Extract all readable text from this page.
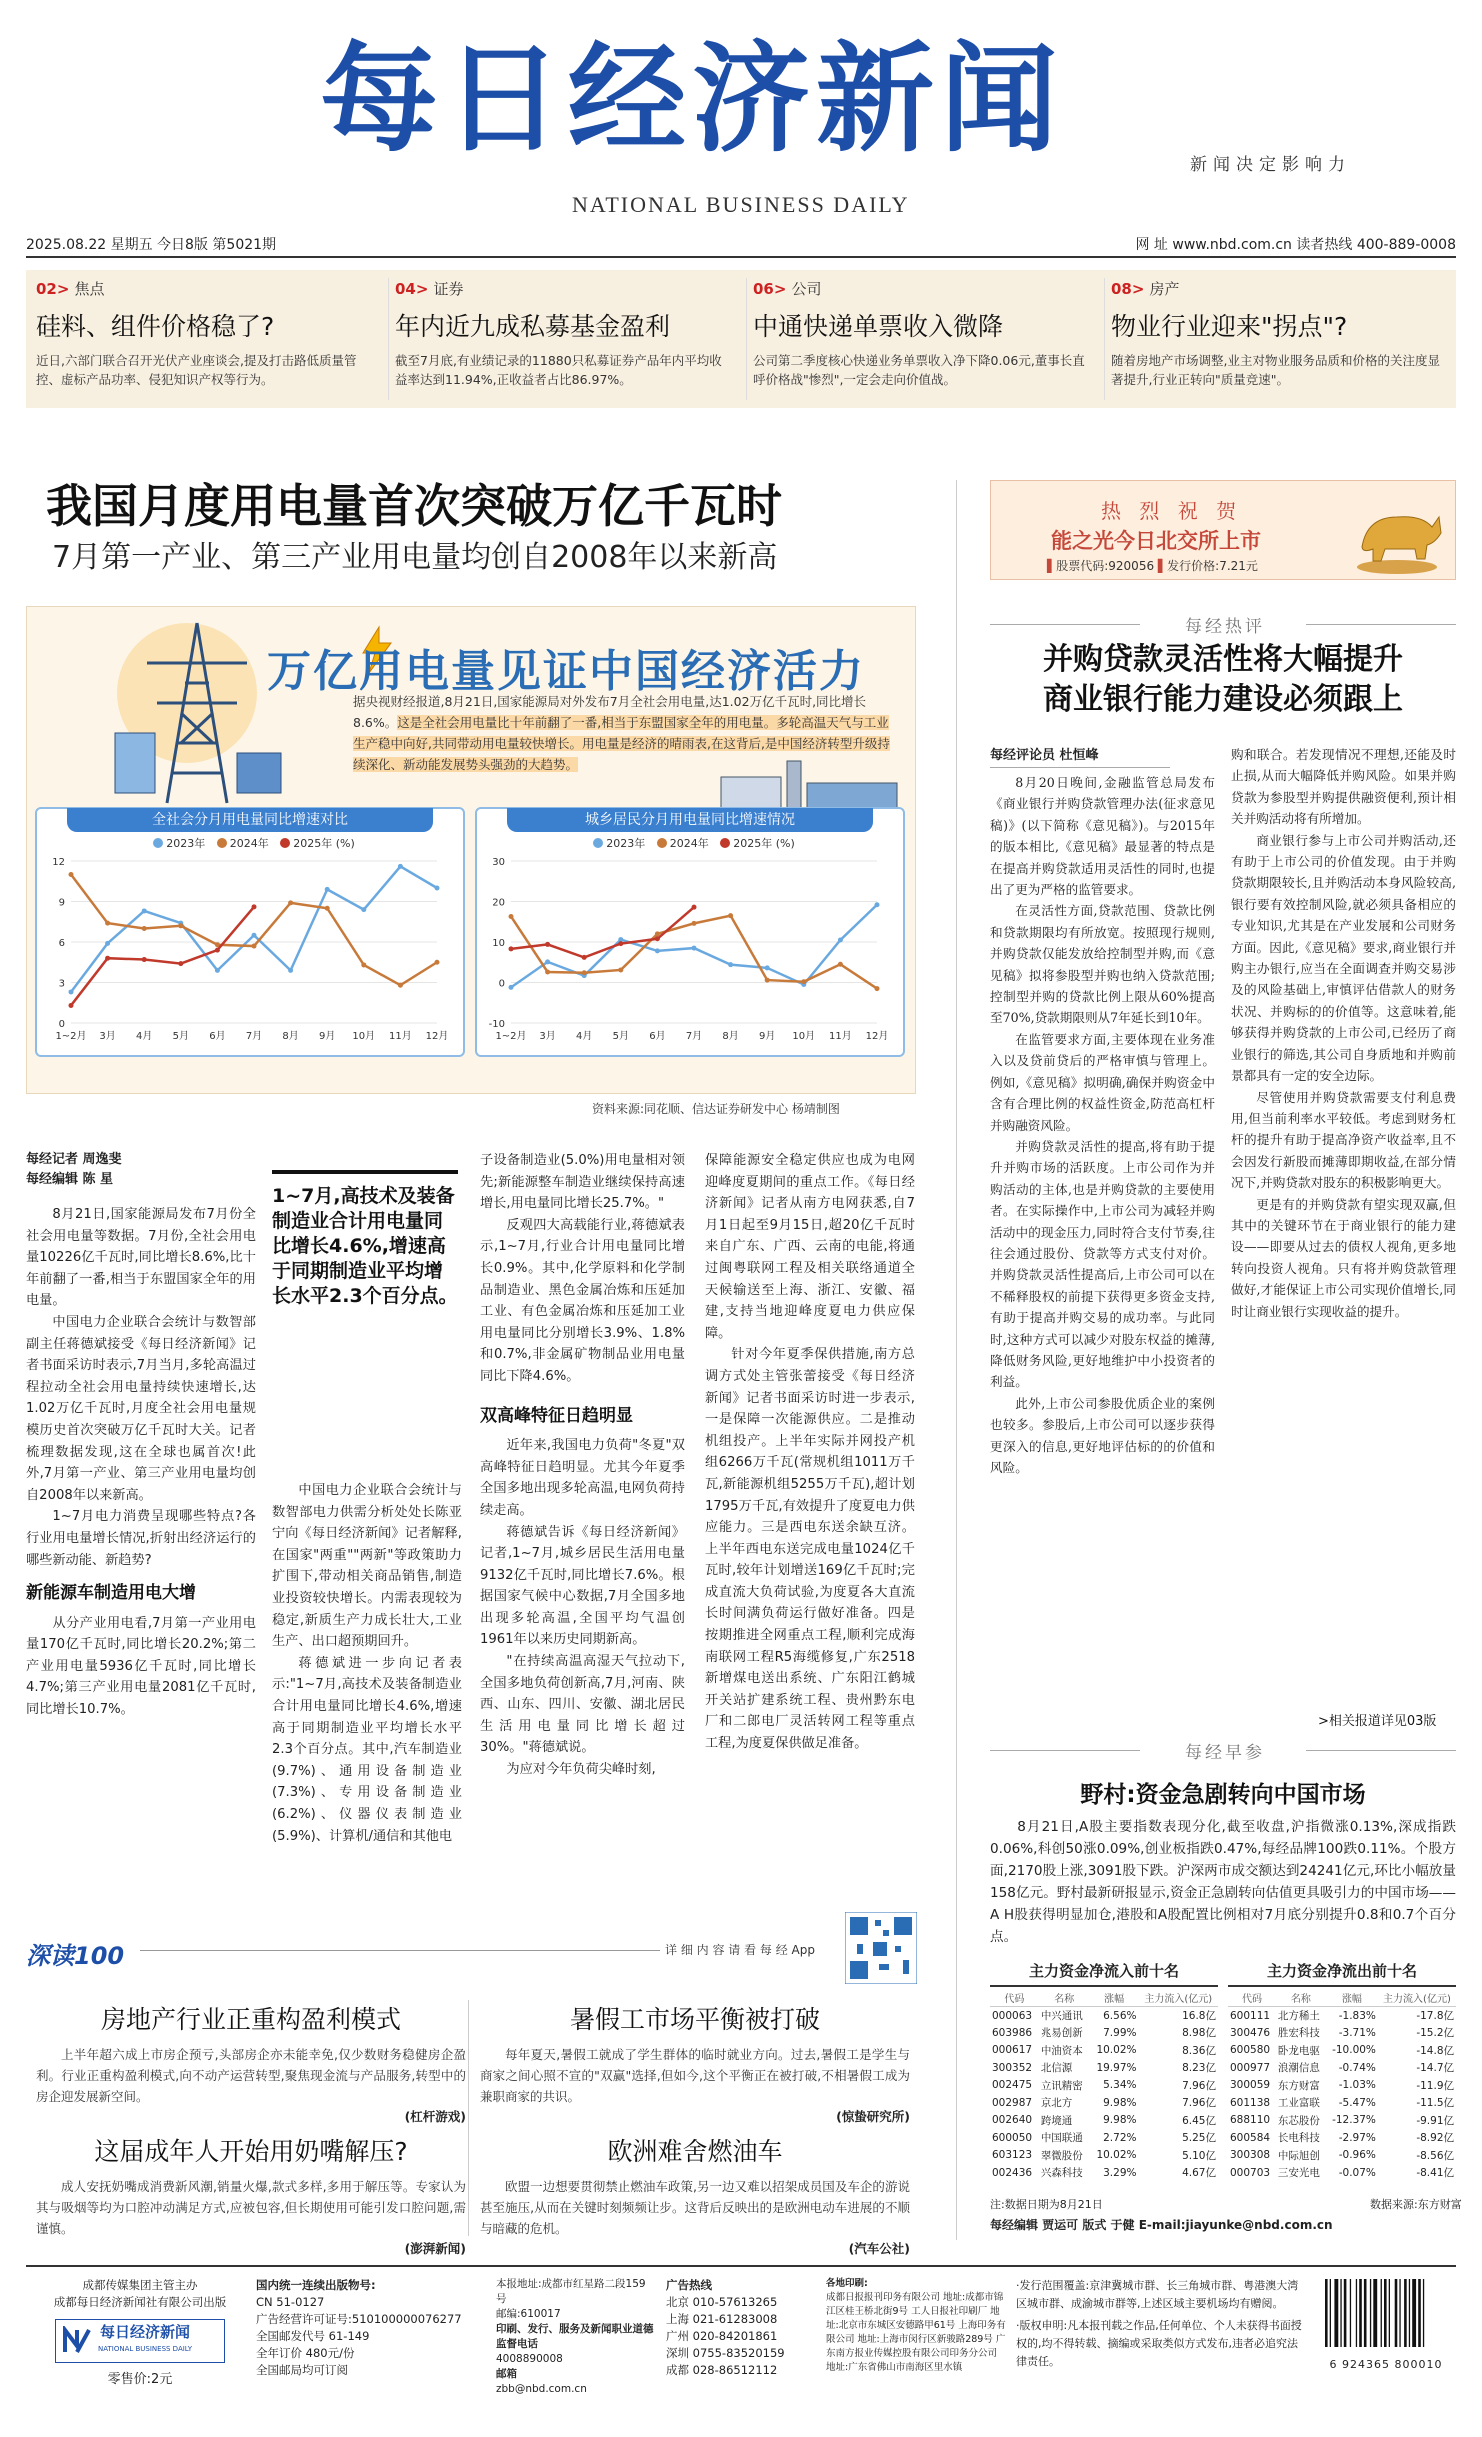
每日经济新闻
NATIONAL BUSINESS DAILY
新闻决定影响力
2025.08.22 星期五 今日8版 第5021期	网 址 www.nbd.com.cn 读者热线 400-889-0008
02> 焦点
硅料、组件价格稳了?

近日,六部门联合召开光伏产业座谈会,提及打击路低质量管控、虚标产品功率、侵犯知识产权等行为。

04> 证券
年内近九成私募基金盈利

截至7月底,有业绩记录的11880只私募证券产品年内平均收益率达到11.94%,正收益者占比86.97%。

06> 公司
中通快递单票收入微降

公司第二季度核心快递业务单票收入净下降0.06元,董事长直呼价格战"惨烈",一定会走向价值战。

08> 房产
物业行业迎来"拐点"?

随着房地产市场调整,业主对物业服务品质和价格的关注度显著提升,行业正转向"质量竞速"。

我国月度用电量首次突破万亿千瓦时
7月第一产业、第三产业用电量均创自2008年以来新高
万亿用电量见证中国经济活力
据央视财经报道,8月21日,国家能源局对外发布7月全社会用电量,达1.02万亿千瓦时,同比增长8.6%。这是全社会用电量比十年前翻了一番,相当于东盟国家全年的用电量。多轮高温天气与工业生产稳中向好,共同带动用电量较快增长。用电量是经济的晴雨表,在这背后,是中国经济转型升级持续深化、新动能发展势头强劲的大趋势。
全社会分月用电量同比增速对比
2023年 2024年 2025年 (%)
0
3
6
9
12
1~2月 3月 4月 5月 6月 7月 8月 9月 10月 11月 12月
城乡居民分月用电量同比增速情况
2023年 2024年 2025年 (%)
-10
0
10
20
30
1~2月 3月 4月 5月 6月 7月 8月 9月 10月 11月 12月
资料来源:同花顺、信达证券研发中心 杨靖制图
每经记者 周逸斐
每经编辑 陈 星

8月21日,国家能源局发布7月份全社会用电量等数据。7月份,全社会用电量10226亿千瓦时,同比增长8.6%,比十年前翻了一番,相当于东盟国家全年的用电量。

中国电力企业联合会统计与数智部副主任蒋德斌接受《每日经济新闻》记者书面采访时表示,7月当月,多轮高温过程拉动全社会用电量持续快速增长,达1.02万亿千瓦时,月度全社会用电量规模历史首次突破万亿千瓦时大关。记者梳理数据发现,这在全球也属首次!此外,7月第一产业、第三产业用电量均创自2008年以来新高。

1~7月电力消费呈现哪些特点?各行业用电量增长情况,折射出经济运行的哪些新动能、新趋势?

新能源车制造用电大增

从分产业用电看,7月第一产业用电量170亿千瓦时,同比增长20.2%;第二产业用电量5936亿千瓦时,同比增长4.7%;第三产业用电量2081亿千瓦时,同比增长10.7%。

1~7月,高技术及装备制造业合计用电量同比增长4.6%,增速高于同期制造业平均增长水平2.3个百分点。

中国电力企业联合会统计与数智部电力供需分析处处长陈亚宁向《每日经济新闻》记者解释,在国家"两重""两新"等政策助力扩围下,带动相关商品销售,制造业投资较快增长。内需表现较为稳定,新质生产力成长壮大,工业生产、出口超预期回升。

蒋德斌进一步向记者表示:"1~7月,高技术及装备制造业合计用电量同比增长4.6%,增速高于同期制造业平均增长水平2.3个百分点。其中,汽车制造业(9.7%)、通用设备制造业(7.3%)、专用设备制造业(6.2%)、仪器仪表制造业(5.9%)、计算机/通信和其他电

子设备制造业(5.0%)用电量相对领先;新能源整车制造业继续保持高速增长,用电量同比增长25.7%。"

反观四大高载能行业,蒋德斌表示,1~7月,行业合计用电量同比增长0.9%。其中,化学原料和化学制品制造业、黑色金属冶炼和压延加工业、有色金属冶炼和压延加工业用电量同比分别增长3.9%、1.8%和0.7%,非金属矿物制品业用电量同比下降4.6%。

双高峰特征日趋明显

近年来,我国电力负荷"冬夏"双高峰特征日趋明显。尤其今年夏季全国多地出现多轮高温,电网负荷持续走高。

蒋德斌告诉《每日经济新闻》记者,1~7月,城乡居民生活用电量9132亿千瓦时,同比增长7.6%。根据国家气候中心数据,7月全国多地出现多轮高温,全国平均气温创1961年以来历史同期新高。

"在持续高温高湿天气拉动下,全国多地负荷创新高,7月,河南、陕西、山东、四川、安徽、湖北居民生活用电量同比增长超过30%。"蒋德斌说。

为应对今年负荷尖峰时刻,

保障能源安全稳定供应也成为电网迎峰度夏期间的重点工作。《每日经济新闻》记者从南方电网获悉,自7月1日起至9月15日,超20亿千瓦时来自广东、广西、云南的电能,将通过闽粤联网工程及相关联络通道全天候输送至上海、浙江、安徽、福建,支持当地迎峰度夏电力供应保障。

针对今年夏季保供措施,南方总调方式处主管张蕾接受《每日经济新闻》记者书面采访时进一步表示,一是保障一次能源供应。二是推动机组投产。上半年实际并网投产机组6266万千瓦(常规机组1011万千瓦,新能源机组5255万千瓦),超计划1795万千瓦,有效提升了度夏电力供应能力。三是西电东送余缺互济。上半年西电东送完成电量1024亿千瓦时,较年计划增送169亿千瓦时;完成直流大负荷试验,为度夏各大直流长时间满负荷运行做好准备。四是按期推进全网重点工程,顺利完成海南联网工程R5海缆修复,广东2518新增煤电送出系统、广东阳江鹤城开关站扩建系统工程、贵州黔东电厂和二郎电厂灵活转网工程等重点工程,为度夏保供做足准备。

热 烈 祝 贺
能之光今日北交所上市
▌股票代码:920056 ▌发行价格:7.21元
每经热评
并购贷款灵活性将大幅提升
商业银行能力建设必须跟上
每经评论员 杜恒峰

8月20日晚间,金融监管总局发布《商业银行并购贷款管理办法(征求意见稿)》(以下简称《意见稿》)。与2015年的版本相比,《意见稿》最显著的特点是在提高并购贷款适用灵活性的同时,也提出了更为严格的监管要求。

在灵活性方面,贷款范围、贷款比例和贷款期限均有所放宽。按照现行规则,并购贷款仅能发放给控制型并购,而《意见稿》拟将参股型并购也纳入贷款范围;控制型并购的贷款比例上限从60%提高至70%,贷款期限则从7年延长到10年。

在监管要求方面,主要体现在业务准入以及贷前贷后的严格审慎与管理上。例如,《意见稿》拟明确,确保并购资金中含有合理比例的权益性资金,防范高杠杆并购融资风险。

并购贷款灵活性的提高,将有助于提升并购市场的活跃度。上市公司作为并购活动的主体,也是并购贷款的主要使用者。在实际操作中,上市公司为减轻并购活动中的现金压力,同时符合支付节奏,往往会通过股份、贷款等方式支付对价。并购贷款灵活性提高后,上市公司可以在不稀释股权的前提下获得更多资金支持,有助于提高并购交易的成功率。与此同时,这种方式可以减少对股东权益的摊薄,降低财务风险,更好地维护中小投资者的利益。

此外,上市公司参股优质企业的案例也较多。参股后,上市公司可以逐步获得更深入的信息,更好地评估标的的价值和风险。

购和联合。若发现情况不理想,还能及时止损,从而大幅降低并购风险。如果并购贷款为参股型并购提供融资便利,预计相关并购活动将有所增加。

商业银行参与上市公司并购活动,还有助于上市公司的价值发现。由于并购贷款期限较长,且并购活动本身风险较高,银行要有效控制风险,就必须具备相应的专业知识,尤其是在产业发展和公司财务方面。因此,《意见稿》要求,商业银行并购主办银行,应当在全面调查并购交易涉及的风险基础上,审慎评估借款人的财务状况、并购标的的价值等。这意味着,能够获得并购贷款的上市公司,已经历了商业银行的筛选,其公司自身质地和并购前景都具有一定的安全边际。

尽管使用并购贷款需要支付利息费用,但当前利率水平较低。考虑到财务杠杆的提升有助于提高净资产收益率,且不会因发行新股而摊薄即期收益,在部分情况下,并购贷款对股东的积极影响更大。

更是有的并购贷款有望实现双赢,但其中的关键环节在于商业银行的能力建设——即要从过去的债权人视角,更多地转向投资人视角。只有将并购贷款管理做好,才能保证上市公司实现价值增长,同时让商业银行实现收益的提升。

>相关报道详见03版
每经早参
野村:资金急剧转向中国市场
8月21日,A股主要指数表现分化,截至收盘,沪指微涨0.13%,深成指跌0.06%,科创50涨0.09%,创业板指跌0.47%,每经品牌100跌0.11%。个股方面,2170股上涨,3091股下跌。沪深两市成交额达到24241亿元,环比小幅放量158亿元。野村最新研报显示,资金正急剧转向估值更具吸引力的中国市场——A H股获得明显加仓,港股和A股配置比例相对7月底分别提升0.8和0.7个百分点。
主力资金净流入前十名
代码	名称	涨幅	主力流入(亿元)
000063	中兴通讯	6.56%	16.8亿
603986	兆易创新	7.99%	8.98亿
000617	中油资本	10.02%	8.36亿
300352	北信源	19.97%	8.23亿
002475	立讯精密	5.34%	7.96亿
002987	京北方	9.98%	7.96亿
002640	跨境通	9.98%	6.45亿
600050	中国联通	2.72%	5.25亿
603123	翠微股份	10.02%	5.10亿
002436	兴森科技	3.29%	4.67亿
主力资金净流出前十名
代码	名称	涨幅	主力流入(亿元)
600111	北方稀土	-1.83%	-17.8亿
300476	胜宏科技	-3.71%	-15.2亿
600580	卧龙电驱	-10.00%	-14.8亿
000977	浪潮信息	-0.74%	-14.7亿
300059	东方财富	-1.03%	-11.9亿
601138	工业富联	-5.47%	-11.5亿
688110	东芯股份	-12.37%	-9.91亿
600584	长电科技	-2.97%	-8.92亿
300308	中际旭创	-0.96%	-8.56亿
000703	三安光电	-0.07%	-8.41亿
注:数据日期为8月21日	数据来源:东方财富
每经编辑 贾运可 版式 于健 E-mail:jiayunke@nbd.com.cn
深读100	详 细 内 容 请 看 每 经 App
房地产行业正重构盈利模式

上半年超六成上市房企预亏,头部房企亦未能幸免,仅少数财务稳健房企盈利。行业正重构盈利模式,向不动产运营转型,聚焦现金流与产品服务,转型中的房企迎发展新空间。

(杠杆游戏)
暑假工市场平衡被打破

每年夏天,暑假工就成了学生群体的临时就业方向。过去,暑假工是学生与商家之间心照不宣的"双赢"选择,但如今,这个平衡正在被打破,不相暑假工成为兼职商家的共识。

(惊蛰研究所)
这届成年人开始用奶嘴解压?

成人安抚奶嘴成消费新风潮,销量火爆,款式多样,多用于解压等。专家认为其与吸烟等均为口腔冲动满足方式,应被包容,但长期使用可能引发口腔问题,需谨慎。

(澎湃新闻)
欧洲难舍燃油车

欧盟一边想要贯彻禁止燃油车政策,另一边又难以招架成员国及车企的游说甚至施压,从而在关键时刻频频让步。这背后反映出的是欧洲电动车进展的不顺与暗藏的危机。

(汽车公社)
成都传媒集团主管主办
成都每日经济新闻社有限公司出版
每日经济新闻
NATIONAL BUSINESS DAILY
零售价:2元
国内统一连续出版物号:
CN 51-0127
广告经营许可证号:510100000076277
全国邮发代号 61-149
全年订价 480元/份
全国邮局均可订阅
本报地址:成都市红星路二段159号
邮编:610017
印刷、发行、服务及新闻职业道德监督电话
4008890008
邮箱
zbb@nbd.com.cn
广告热线
北京 010-57613265
上海 021-61283008
广州 020-84201861
深圳 0755-83520159
成都 028-86512112
各地印刷:
成都日报报刊印务有限公司 地址:成都市锦江区桂王桥北街9号 工人日报社印刷厂 地址:北京市东城区安德路甲61号 上海印务有限公司 地址:上海市闵行区新骏路289号 广东南方报业传媒控股有限公司印务分公司 地址:广东省佛山市南海区里水镇
·发行范围覆盖:京津冀城市群、长三角城市群、粤港澳大湾区城市群、成渝城市群等,上述区域主要机场均有赠阅。
·版权申明:凡本报刊载之作品,任何单位、个人未获得书面授权的,均不得转载、摘编或采取类似方式发布,违者必追究法律责任。	6 924365 800010
